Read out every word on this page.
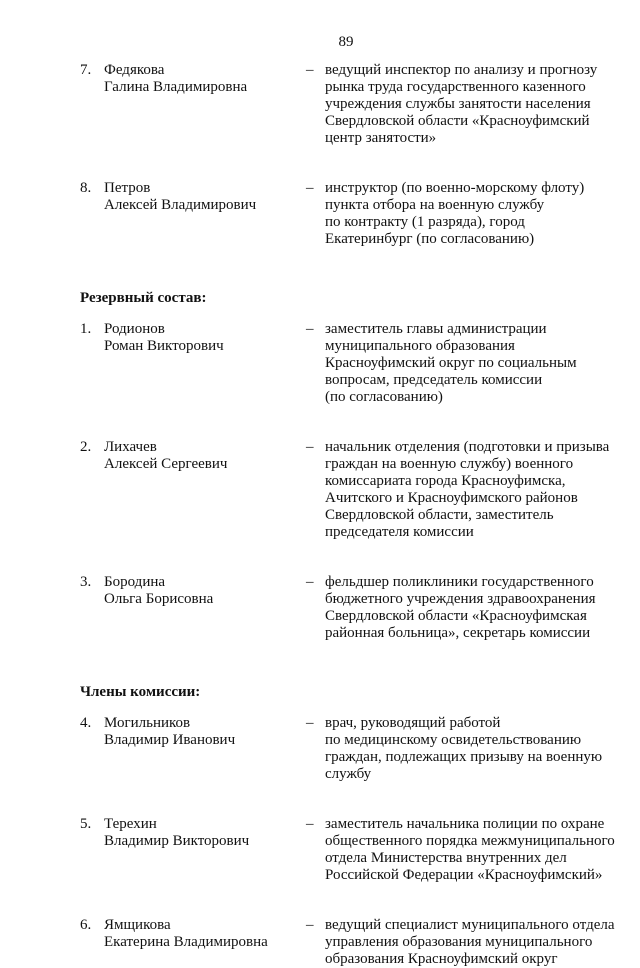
89
7. Федякова
Галина Владимировна
– ведущий инспектор по анализу и прогнозу
рынка труда государственного казенного
учреждения службы занятости населения
Свердловской области «Красноуфимский
центр занятости»
8. Петров
Алексей Владимирович
– инструктор (по военно-морскому флоту)
пункта отбора на военную службу
по контракту (1 разряда), город
Екатеринбург (по согласованию)
Резервный состав:
1. Родионов
Роман Викторович
– заместитель главы администрации
муниципального образования
Красноуфимский округ по социальным
вопросам, председатель комиссии
(по согласованию)
2. Лихачев
Алексей Сергеевич
– начальник отделения (подготовки и призыва
граждан на военную службу) военного
комиссариата города Красноуфимска,
Ачитского и Красноуфимского районов
Свердловской области, заместитель
председателя комиссии
3. Бородина
Ольга Борисовна
– фельдшер поликлиники государственного
бюджетного учреждения здравоохранения
Свердловской области «Красноуфимская
районная больница», секретарь комиссии
Члены комиссии:
4. Могильников
Владимир Иванович
– врач, руководящий работой
по медицинскому освидетельствованию
граждан, подлежащих призыву на военную
службу
5. Терехин
Владимир Викторович
– заместитель начальника полиции по охране
общественного порядка межмуниципального
отдела Министерства внутренних дел
Российской Федерации «Красноуфимский»
6. Ямщикова
Екатерина Владимировна
– ведущий специалист муниципального отдела
управления образования муниципального
образования Красноуфимский округ
